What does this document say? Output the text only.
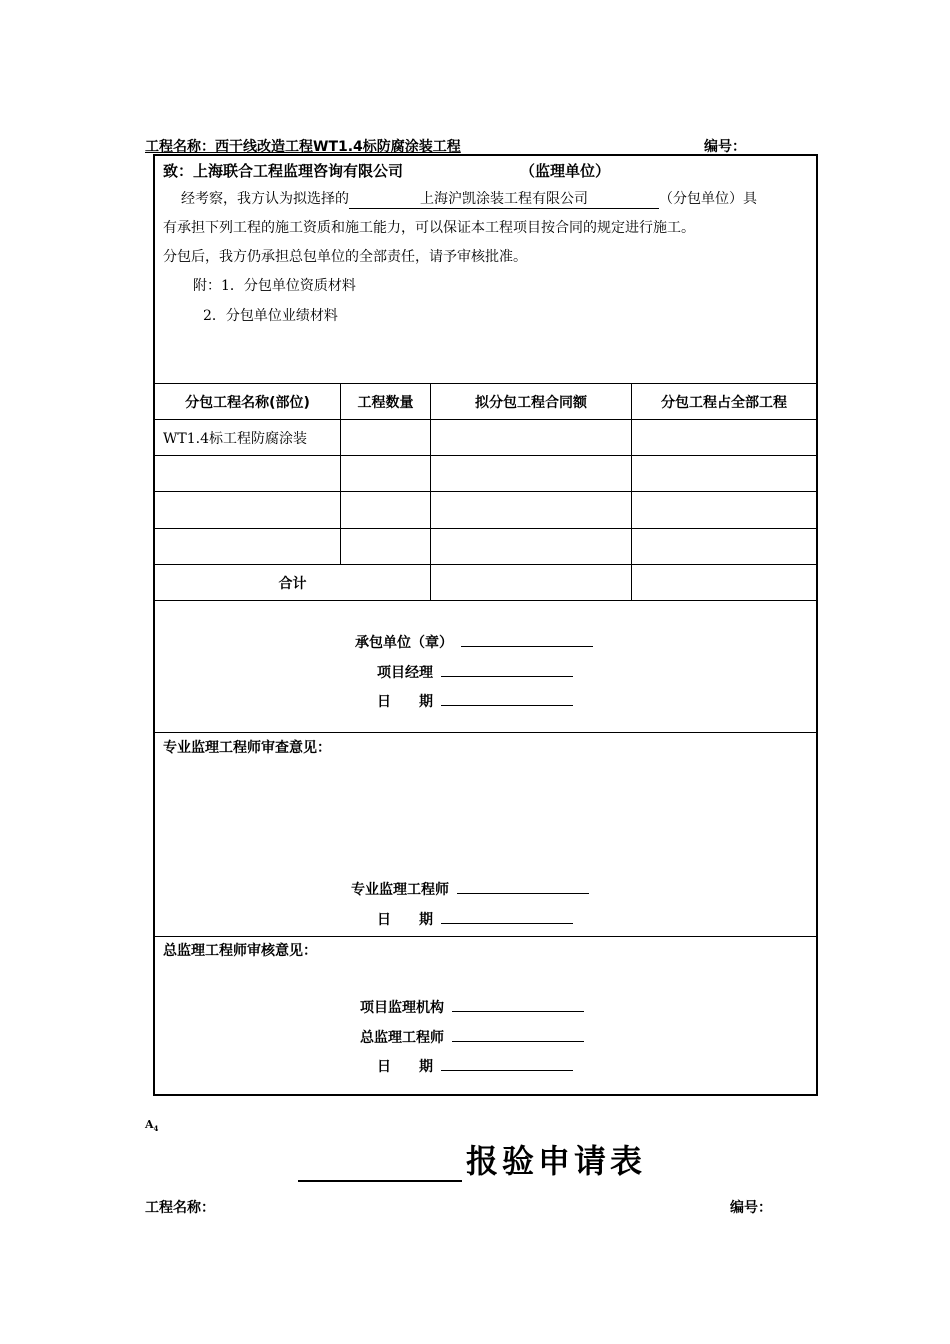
工程名称：西干线改造工程WT1.4标防腐涂装工程	编号：
致：上海联合工程监理咨询有限公司	（监理单位）
经考察，我方认为拟选择的	上海沪凯涂装工程有限公司	（分包单位）具
有承担下列工程的施工资质和施工能力，可以保证本工程项目按合同的规定进行施工。
分包后，我方仍承担总包单位的全部责任，请予审核批准。
附：1．分包单位资质材料
2．分包单位业绩材料
分包工程名称(部位)	工程数量	拟分包工程合同额	分包工程占全部工程
WT1.4标工程防腐涂装
合计
承包单位（章）
项目经理
日　　期
专业监理工程师审查意见：
专业监理工程师
日　　期
总监理工程师审核意见：
项目监理机构
总监理工程师
日　　期
$A_4$
报验申请表
工程名称：	编号：
